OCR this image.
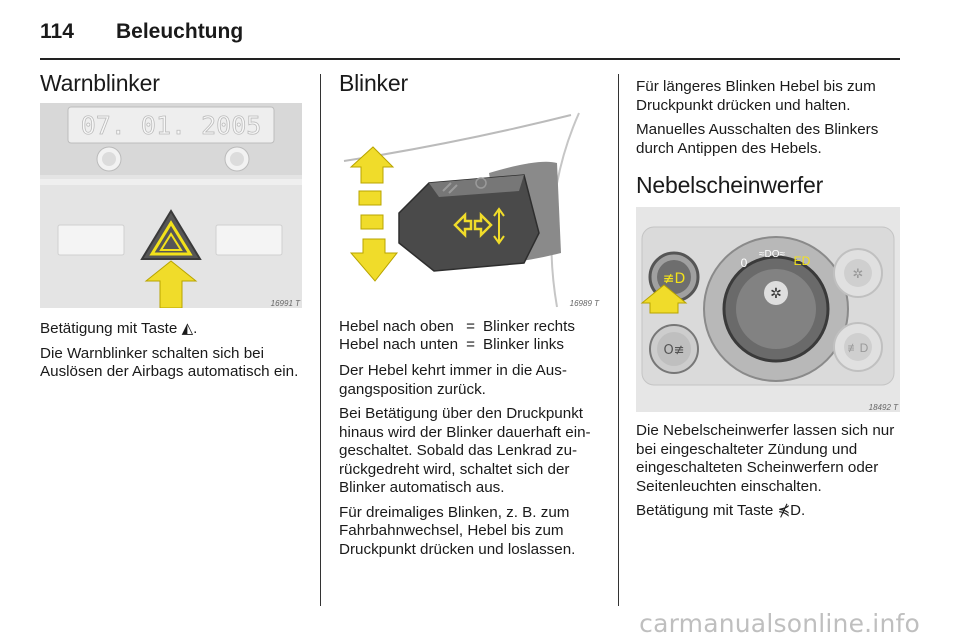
114 Beleuchtung
Warnblinker
07. 01. 2005
16991 T

Betätigung mit Taste ◭.

Die Warnblinker schalten sich bei Auslösen der Airbags automatisch ein.

Blinker
16989 T
Hebel nach oben	=	Blinker rechts
Hebel nach unten	=	Blinker links

Der Hebel kehrt immer in die Ausgangsposition zurück.

Bei Betätigung über den Druckpunkt hinaus wird der Blinker dauerhaft eingeschaltet. Sobald das Lenkrad zurückgedreht wird, schaltet sich der Blinker automatisch aus.

Für dreimaliges Blinken, z. B. zum Fahrbahnwechsel, Hebel bis zum Druckpunkt drücken und loslassen.

Für längeres Blinken Hebel bis zum Druckpunkt drücken und halten.

Manuelles Ausschalten des Blinkers durch Antippen des Hebels.

Nebelscheinwerfer
≢D
O≢
✲
0
≈DO≈ ED
✲
≢D
18492 T

Die Nebelscheinwerfer lassen sich nur bei eingeschalteter Zündung und eingeschalteten Scheinwerfern oder Seitenleuchten einschalten.

Betätigung mit Taste ⋠D.

carmanualsonline.info
